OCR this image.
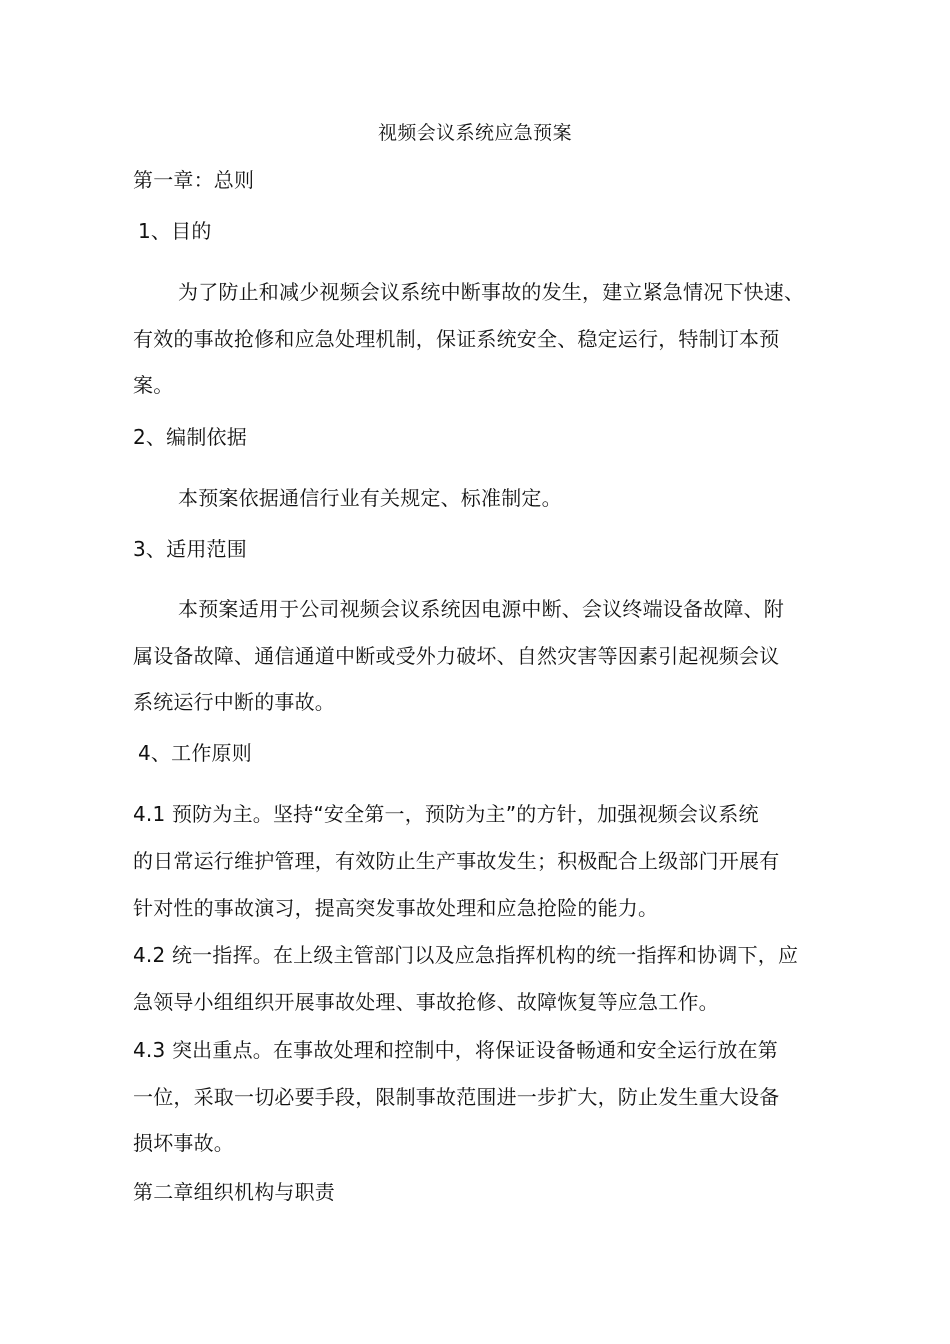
视频会议系统应急预案
第一章：总则
1、目的
为了防止和减少视频会议系统中断事故的发生，建立紧急情况下快速、
有效的事故抢修和应急处理机制，保证系统安全、稳定运行，特制订本预
案。
2、编制依据
本预案依据通信行业有关规定、标准制定。
3、适用范围
本预案适用于公司视频会议系统因电源中断、会议终端设备故障、附
属设备故障、通信通道中断或受外力破坏、自然灾害等因素引起视频会议
系统运行中断的事故。
4、工作原则
4.1 预防为主。坚持“安全第一，预防为主”的方针，加强视频会议系统
的日常运行维护管理，有效防止生产事故发生；积极配合上级部门开展有
针对性的事故演习，提高突发事故处理和应急抢险的能力。
4.2 统一指挥。在上级主管部门以及应急指挥机构的统一指挥和协调下，应
急领导小组组织开展事故处理、事故抢修、故障恢复等应急工作。
4.3 突出重点。在事故处理和控制中，将保证设备畅通和安全运行放在第
一位，采取一切必要手段，限制事故范围进一步扩大，防止发生重大设备
损坏事故。
第二章组织机构与职责
